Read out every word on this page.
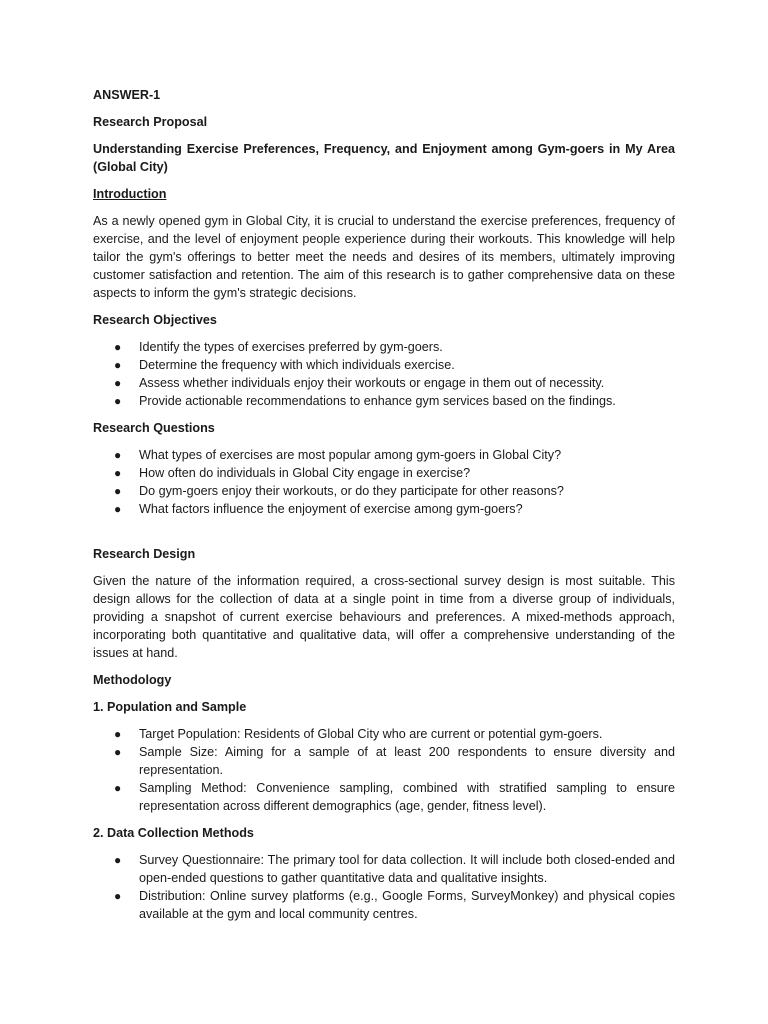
ANSWER-1
Research Proposal
Understanding Exercise Preferences, Frequency, and Enjoyment among Gym-goers in My Area (Global City)
Introduction

As a newly opened gym in Global City, it is crucial to understand the exercise preferences, frequency of exercise, and the level of enjoyment people experience during their workouts. This knowledge will help tailor the gym's offerings to better meet the needs and desires of its members, ultimately improving customer satisfaction and retention. The aim of this research is to gather comprehensive data on these aspects to inform the gym's strategic decisions.

Research Objectives
● Identify the types of exercises preferred by gym-goers.
● Determine the frequency with which individuals exercise.
● Assess whether individuals enjoy their workouts or engage in them out of necessity.
● Provide actionable recommendations to enhance gym services based on the findings.
Research Questions
● What types of exercises are most popular among gym-goers in Global City?
● How often do individuals in Global City engage in exercise?
● Do gym-goers enjoy their workouts, or do they participate for other reasons?
● What factors influence the enjoyment of exercise among gym-goers?
Research Design

Given the nature of the information required, a cross-sectional survey design is most suitable. This design allows for the collection of data at a single point in time from a diverse group of individuals, providing a snapshot of current exercise behaviours and preferences. A mixed-methods approach, incorporating both quantitative and qualitative data, will offer a comprehensive understanding of the issues at hand.

Methodology
1. Population and Sample
● Target Population: Residents of Global City who are current or potential gym-goers.
● Sample Size: Aiming for a sample of at least 200 respondents to ensure diversity and representation.
● Sampling Method: Convenience sampling, combined with stratified sampling to ensure representation across different demographics (age, gender, fitness level).
2. Data Collection Methods
● Survey Questionnaire: The primary tool for data collection. It will include both closed-ended and open-ended questions to gather quantitative data and qualitative insights.
● Distribution: Online survey platforms (e.g., Google Forms, SurveyMonkey) and physical copies available at the gym and local community centres.
